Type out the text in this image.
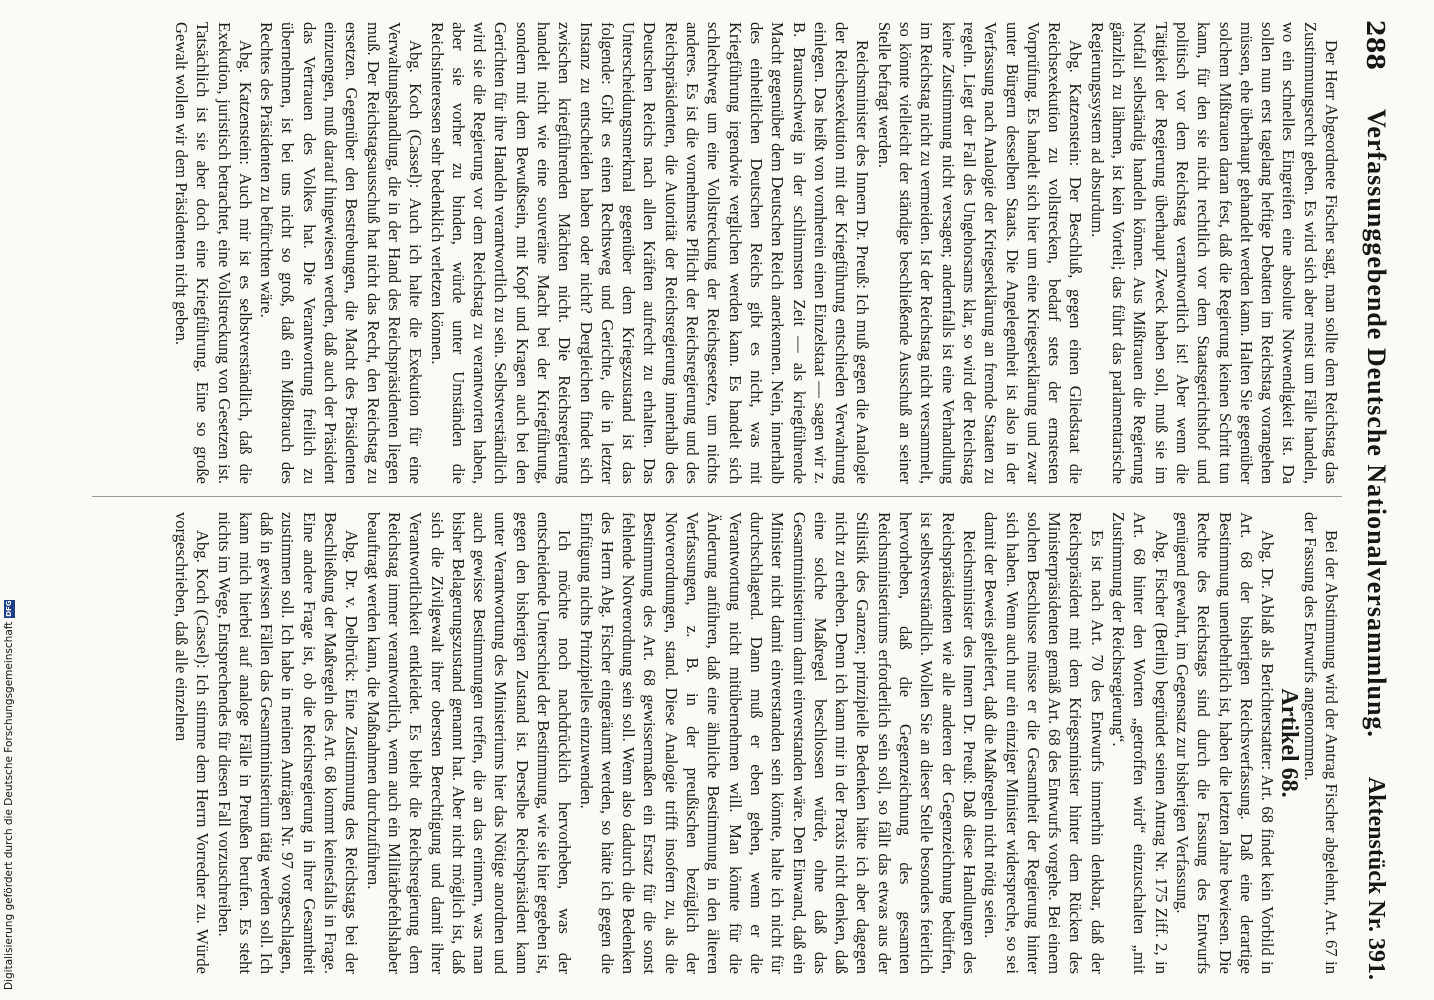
288
Verfassunggebende Deutsche Nationalversammlung.
Aktenstück Nr. 391.

Der Herr Abgeordnete Fischer sagt, man sollte dem Reichstag das Zustimmungsrecht geben. Es wird sich aber meist um Fälle handeln, wo ein schnelles Eingreifen eine absolute Notwendigkeit ist. Da sollen nun erst tagelang heftige Debatten im Reichstag vorangehen müssen, ehe überhaupt gehandelt werden kann. Halten Sie gegenüber solchem Mißtrauen daran fest, daß die Regierung keinen Schritt tun kann, für den sie nicht rechtlich vor dem Staatsgerichtshof und politisch vor dem Reichstag verantwortlich ist! Aber wenn die Tätigkeit der Regierung überhaupt Zweck haben soll, muß sie im Notfall selbständig handeln können. Aus Mißtrauen die Regierung gänzlich zu lähmen, ist kein Vorteil; das führt das parlamentarische Regierungssystem ad absurdum.

Abg. Katzenstein: Der Beschluß, gegen einen Gliedstaat die Reichsexekution zu vollstrecken, bedarf stets der ernstesten Vorprüfung. Es handelt sich hier um eine Kriegserklärung und zwar unter Bürgern desselben Staats. Die Angelegenheit ist also in der Verfassung nach Analogie der Kriegserklärung an fremde Staaten zu regeln. Liegt der Fall des Ungehorsams klar, so wird der Reichstag keine Zustimmung nicht versagen; andernfalls ist eine Verhandlung im Reichstag nicht zu vermeiden. Ist der Reichstag nicht versammelt, so könnte vielleicht der ständige beschließende Ausschuß an seiner Stelle befragt werden.

Reichsminister des Innern Dr. Preuß: Ich muß gegen die Analogie der Reichsexekution mit der Kriegführung entschieden Verwahrung einlegen. Das heißt von vornherein einen Einzelstaat — sagen wir z. B. Braunschweig in der schlimmsten Zeit — als kriegführende Macht gegenüber dem Deutschen Reich anerkennen. Nein, innerhalb des einheitlichen Deutschen Reichs gibt es nicht, was mit Kriegführung irgendwie verglichen werden kann. Es handelt sich schlechtweg um eine Vollstreckung der Reichsgesetze, um nichts anderes. Es ist die vornehmste Pflicht der Reichsregierung und des Reichspräsidenten, die Autorität der Reichsregierung innerhalb des Deutschen Reichs nach allen Kräften aufrecht zu erhalten. Das Unterscheidungsmerkmal gegenüber dem Kriegszustand ist das folgende: Gibt es einen Rechtsweg und Gerichte, die in letzter Instanz zu entscheiden haben oder nicht? Dergleichen findet sich zwischen kriegführenden Mächten nicht. Die Reichsregierung handelt nicht wie eine souveräne Macht bei der Kriegführung, sondern mit dem Bewußtsein, mit Kopf und Kragen auch bei den Gerichten für ihre Handeln verantwortlich zu sein. Selbstverständlich wird sie die Regierung vor dem Reichstag zu verantworten haben, aber sie vorher zu binden, würde unter Umständen die Reichsinteressen sehr bedenklich verletzen können.

Abg. Koch (Cassel): Auch ich halte die Exekution für eine Verwaltungshandlung, die in der Hand des Reichspräsidenten liegen muß. Der Reichstagsausschuß hat nicht das Recht, den Reichstag zu ersetzen. Gegenüber den Bestrebungen, die Macht des Präsidenten einzuengen, muß darauf hingewiesen werden, daß auch der Präsident das Vertrauen des Volkes hat. Die Verantwortung freilich zu übernehmen, ist bei uns nicht so groß, daß ein Mißbrauch des Rechtes des Präsidenten zu befürchten wäre.

Abg. Katzenstein: Auch mir ist es selbstverständlich, daß die Exekution, juristisch betrachtet, eine Vollstreckung von Gesetzen ist. Tatsächlich ist sie aber doch eine Kriegführung. Eine so große Gewalt wollen wir dem Präsidenten nicht geben.

Bei der Abstimmung wird der Antrag Fischer abgelehnt, Art. 67 in der Fassung des Entwurfs angenommen.

Artikel 68.

Abg. Dr. Ablaß als Berichterstatter: Art. 68 findet kein Vorbild in Art. 68 der bisherigen Reichsverfassung. Daß eine derartige Bestimmung unentbehrlich ist, haben die letzten Jahre bewiesen. Die Rechte des Reichstags sind durch die Fassung des Entwurfs genügend gewahrt, im Gegensatz zur bisherigen Verfassung.

Abg. Fischer (Berlin) begründet seinen Antrag Nr. 175 Ziff. 2, in Art. 68 hinter den Worten „getroffen wird“ einzuschalten „mit Zustimmung der Reichsregierung“.

Es ist nach Art. 70 des Entwurfs immerhin denkbar, daß der Reichspräsident mit dem Kriegsminister hinter dem Rücken des Ministerpräsidenten gemäß Art. 68 des Entwurfs vorgehe. Bei einem solchen Beschlusse müsse er die Gesamtheit der Regierung hinter sich haben. Wenn auch nur ein einziger Minister widerspreche, so sei damit der Beweis geliefert, daß die Maßregeln nicht nötig seien.

Reichsminister des Innern Dr. Preuß: Daß diese Handlungen des Reichspräsidenten wie alle anderen der Gegenzeichnung bedürfen, ist selbstverständlich. Wollen Sie an dieser Stelle besonders feierlich hervorheben, daß die Gegenzeichnung des gesamten Reichsministeriums erforderlich sein soll, so fällt das etwas aus der Stilistik des Ganzen; prinzipielle Bedenken hätte ich aber dagegen nicht zu erheben. Denn ich kann mir in der Praxis nicht denken, daß eine solche Maßregel beschlossen würde, ohne daß das Gesamtministerium damit einverstanden wäre. Den Einwand, daß ein Minister nicht damit einverstanden sein könnte, halte ich nicht für durchschlagend. Dann muß er eben gehen, wenn er die Verantwortung nicht mitübernehmen will. Man könnte für die Änderung anführen, daß eine ähnliche Bestimmung in den älteren Verfassungen, z. B. in der preußischen bezüglich der Notverordnungen, stand. Diese Analogie trifft insofern zu, als die Bestimmung des Art. 68 gewissermaßen ein Ersatz für die sonst fehlende Notverordnung sein soll. Wenn also dadurch die Bedenken des Herrn Abg. Fischer eingeräumt werden, so hätte ich gegen die Einfügung nichts Prinzipielles einzuwenden.

Ich möchte noch nachdrücklich hervorheben, was der entscheidende Unterschied der Bestimmung, wie sie hier gegeben ist, gegen den bisherigen Zustand ist. Derselbe Reichspräsident kann unter Verantwortung des Ministeriums hier das Nötige anordnen und auch gewisse Bestimmungen treffen, die an das erinnern, was man bisher Belagerungszustand genannt hat. Aber nicht möglich ist, daß sich die Zivilgewalt ihrer obersten Berechtigung und damit ihrer Verantwortlichkeit entkleidet. Es bleibt die Reichsregierung dem Reichstag immer verantwortlich, wenn auch ein Militärbefehlshaber beauftragt werden kann, die Maßnahmen durchzuführen.

Abg. Dr. v. Delbrück: Eine Zustimmung des Reichstags bei der Beschließung der Maßregeln des Art. 68 kommt keinesfalls in Frage. Eine andere Frage ist, ob die Reichsregierung in ihrer Gesamtheit zustimmen soll. Ich habe in meinen Anträgen Nr. 97 vorgeschlagen, daß in gewissen Fällen das Gesamtministerium tätig werden soll. Ich kann mich hierbei auf analoge Fälle in Preußen berufen. Es steht nichts im Wege, Entsprechendes für diesen Fall vorzuschreiben.

Abg. Koch (Cassel): Ich stimme dem Herrn Vorredner zu. Würde vorgeschrieben, daß alle einzelnen

Digitalisierung gefördert durch die Deutsche Forschungsgemeinschaft
DFG
